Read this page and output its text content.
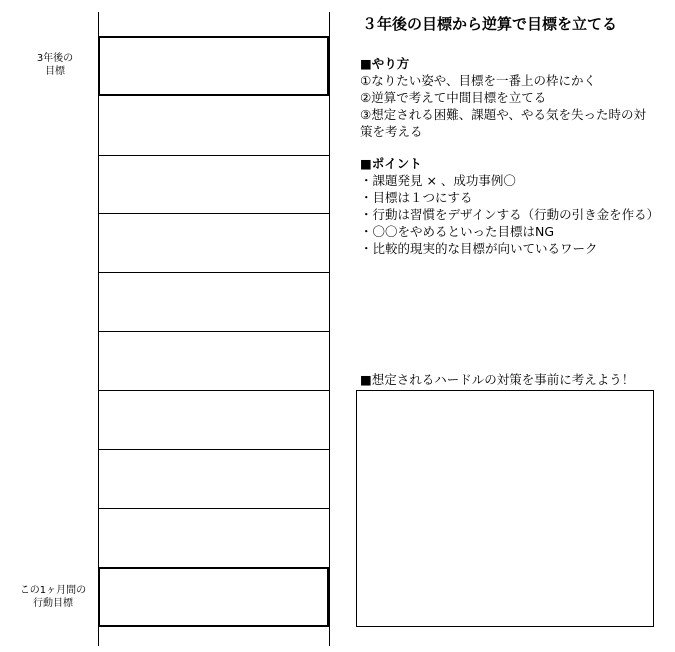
3年後の
目標
この1ヶ月間の
行動目標
３年後の目標から逆算で目標を立てる
■やり方
①なりたい姿や、目標を一番上の枠にかく
②逆算で考えて中間目標を立てる
③想定される困難、課題や、やる気を失った時の対策を考える
■ポイント
・課題発見 × 、成功事例〇
・目標は１つにする
・行動は習慣をデザインする（行動の引き金を作る）
・〇〇をやめるといった目標はNG
・比較的現実的な目標が向いているワーク
■想定されるハードルの対策を事前に考えよう！
